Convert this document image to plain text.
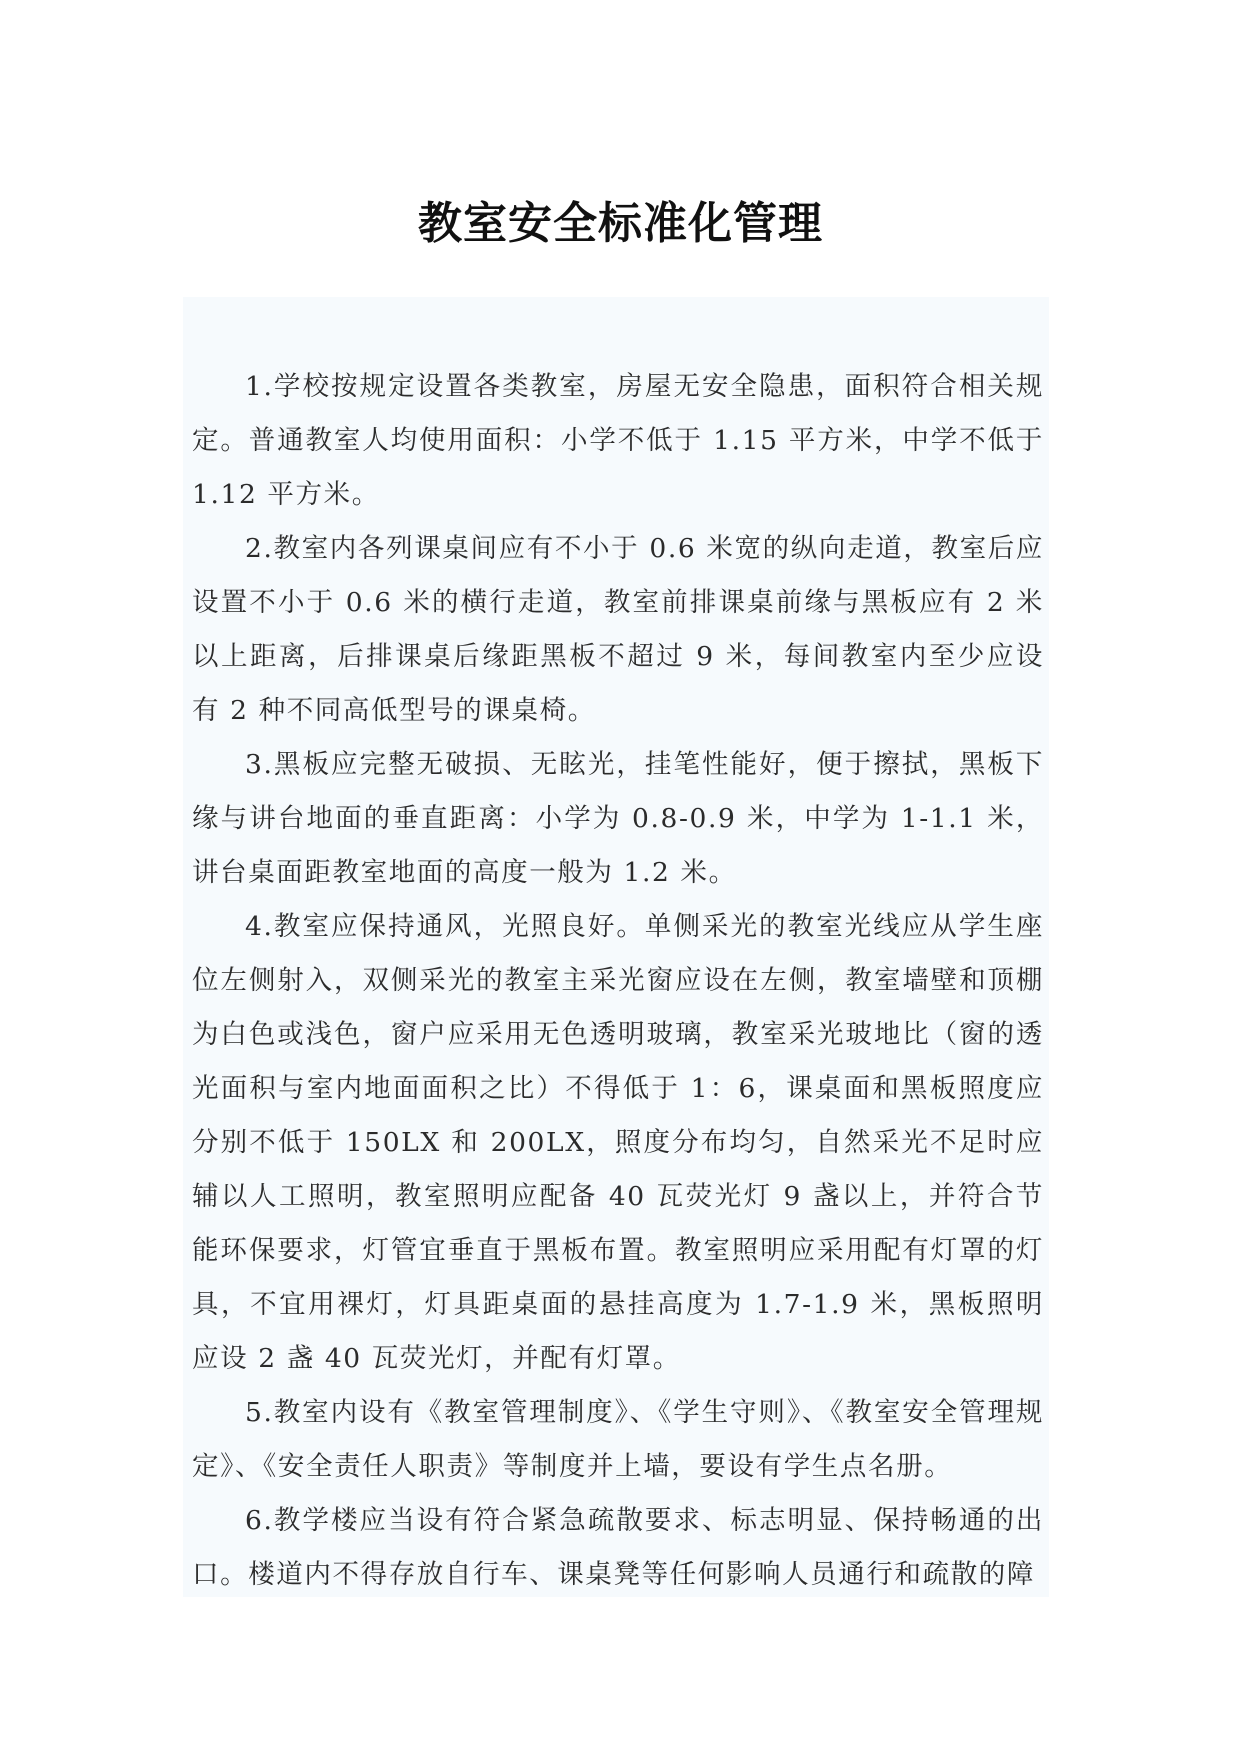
教室安全标准化管理

1.学校按规定设置各类教室，房屋无安全隐患，面积符合相关规定。普通教室人均使用面积：小学不低于 1.15 平方米，中学不低于 1.12 平方米。

2.教室内各列课桌间应有不小于 0.6 米宽的纵向走道，教室后应设置不小于 0.6 米的横行走道，教室前排课桌前缘与黑板应有 2 米以上距离，后排课桌后缘距黑板不超过 9 米，每间教室内至少应设有 2 种不同高低型号的课桌椅。

3.黑板应完整无破损、无眩光，挂笔性能好，便于擦拭，黑板下缘与讲台地面的垂直距离：小学为 0.8-0.9 米，中学为 1-1.1 米，讲台桌面距教室地面的高度一般为 1.2 米。

4.教室应保持通风，光照良好。单侧采光的教室光线应从学生座位左侧射入，双侧采光的教室主采光窗应设在左侧，教室墙壁和顶棚为白色或浅色，窗户应采用无色透明玻璃，教室采光玻地比（窗的透光面积与室内地面面积之比）不得低于 1：6，课桌面和黑板照度应分别不低于 150LX 和 200LX，照度分布均匀，自然采光不足时应辅以人工照明，教室照明应配备 40 瓦荧光灯 9 盏以上，并符合节能环保要求，灯管宜垂直于黑板布置。教室照明应采用配有灯罩的灯具，不宜用裸灯，灯具距桌面的悬挂高度为 1.7-1.9 米，黑板照明应设 2 盏 40 瓦荧光灯，并配有灯罩。

5.教室内设有《教室管理制度》、《学生守则》、《教室安全管理规定》、《安全责任人职责》等制度并上墙，要设有学生点名册。

6.教学楼应当设有符合紧急疏散要求、标志明显、保持畅通的出口。楼道内不得存放自行车、课桌凳等任何影响人员通行和疏散的障
